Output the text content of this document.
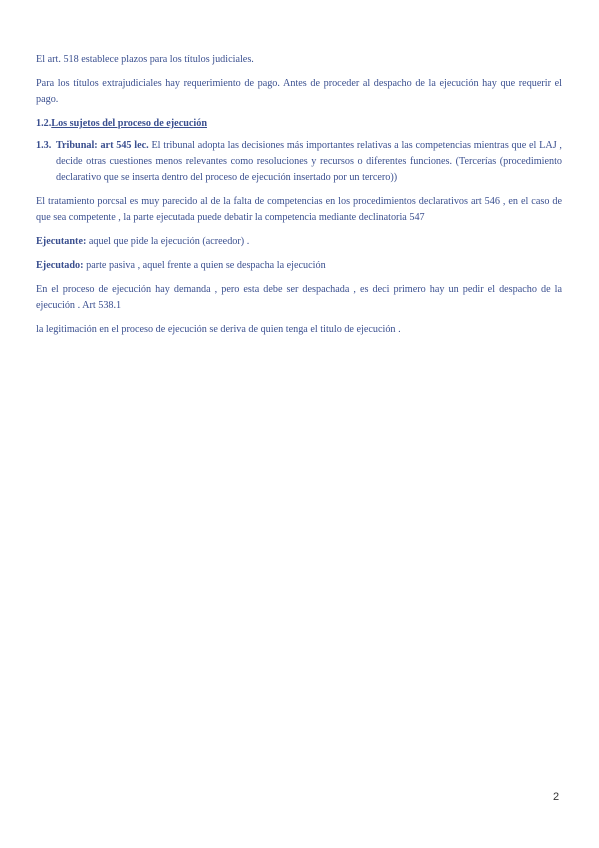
El art. 518 establece plazos para los títulos judiciales.

Para los títulos extrajudiciales hay requerimiento de pago. Antes de proceder al despacho de la ejecución hay que requerir el pago.

1.2.Los sujetos del proceso de ejecución
1.3. Tribunal: art 545 lec. El tribunal adopta las decisiones más importantes relativas a las competencias mientras que el LAJ , decide otras cuestiones menos relevantes como resoluciones y recursos o diferentes funciones. (Tercerías (procedimiento declarativo que se inserta dentro del proceso de ejecución insertado por un tercero))

El tratamiento porcsal es muy parecido al de la falta de competencias en los procedimientos declarativos art 546 , en el caso de que sea competente , la parte ejecutada puede debatir la competencia mediante declinatoria 547

Ejecutante: aquel que pide la ejecución (acreedor) .

Ejecutado: parte pasiva , aquel frente a quien se despacha la ejecución

En el proceso de ejecución hay demanda , pero esta debe ser despachada , es deci primero hay un pedir el despacho de la ejecución . Art 538.1

la legitimación en el proceso de ejecución se deriva de quien tenga el titulo de ejecución .

2
